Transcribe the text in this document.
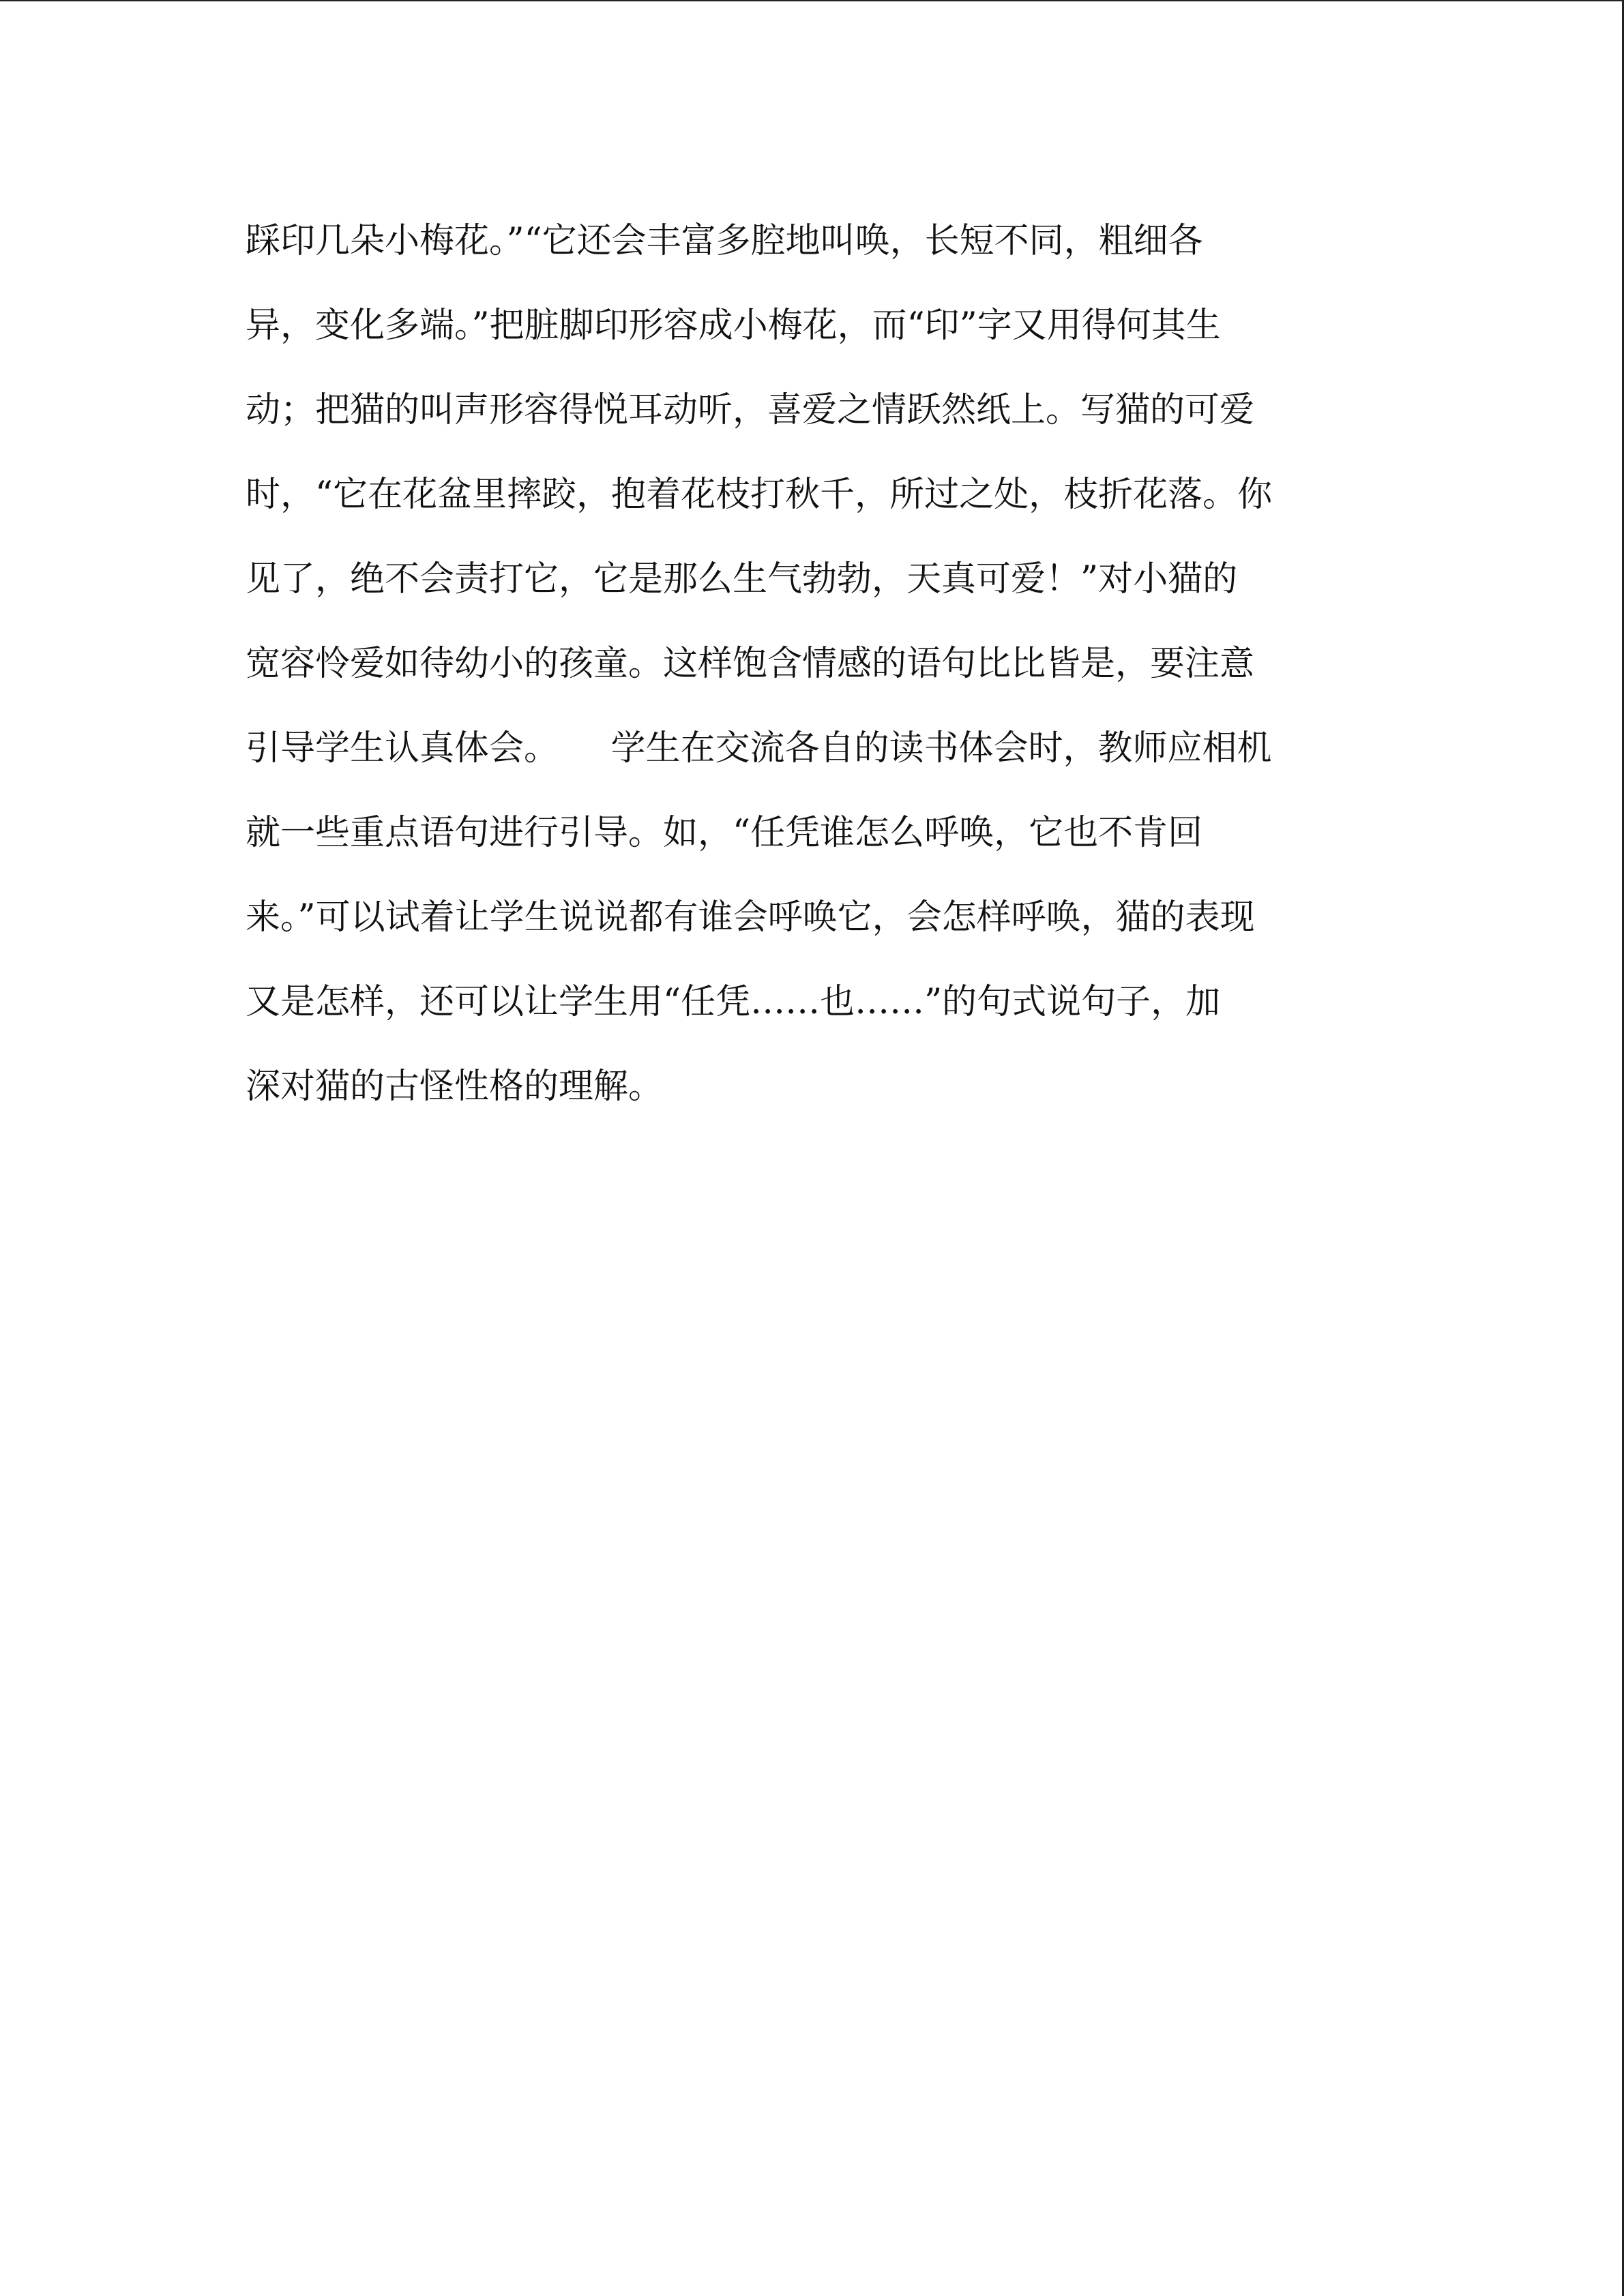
踩印几朵小梅花。”“它还会丰富多腔地叫唤，长短不同，粗细各
异，变化多端。”把脏脚印形容成小梅花，而“印”字又用得何其生
动；把猫的叫声形容得悦耳动听，喜爱之情跃然纸上。写猫的可爱
时，“它在花盆里摔跤，抱着花枝打秋千，所过之处，枝折花落。你
见了，绝不会责打它，它是那么生气勃勃，天真可爱！”对小猫的
宽容怜爱如待幼小的孩童。这样饱含情感的语句比比皆是，要注意
引导学生认真体会。　　学生在交流各自的读书体会时，教师应相机
就一些重点语句进行引导。如，“任凭谁怎么呼唤，它也不肯回
来。”可以试着让学生说说都有谁会呼唤它，会怎样呼唤，猫的表现
又是怎样，还可以让学生用“任凭……也……”的句式说句子，加
深对猫的古怪性格的理解。
